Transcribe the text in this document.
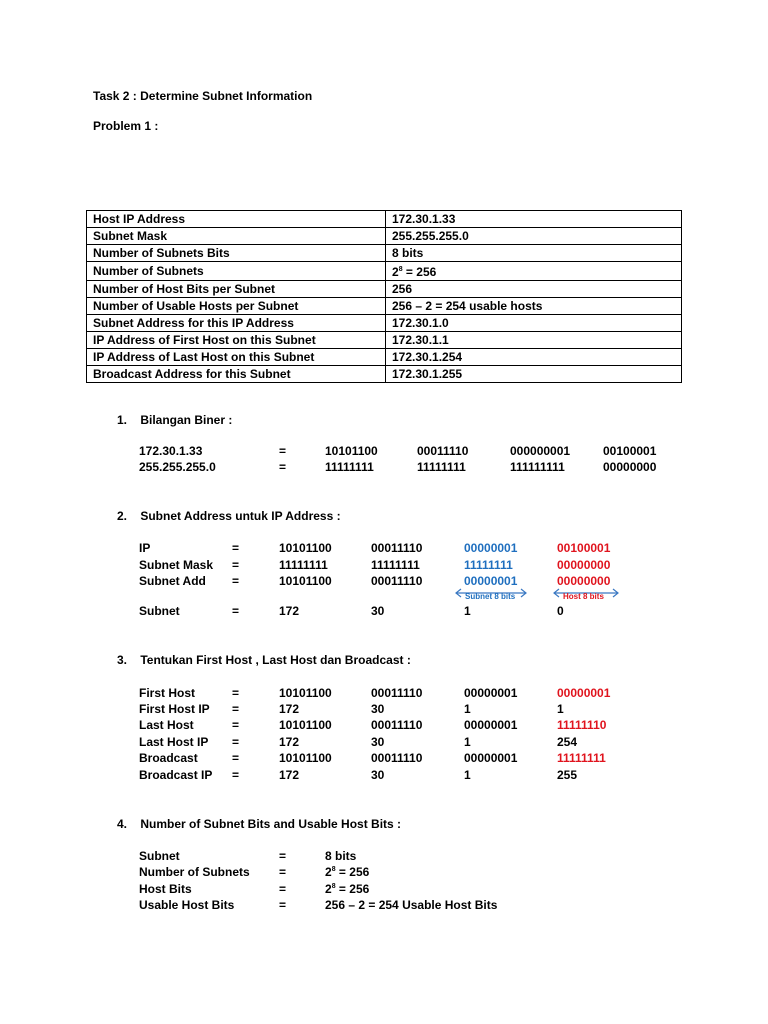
Task 2 : Determine Subnet Information
Problem 1 :
Host IP Address	172.30.1.33
Subnet Mask	255.255.255.0
Number of Subnets Bits	8 bits
Number of Subnets	$2^8 = 256$
Number of Host Bits per Subnet	256
Number of Usable Hosts per Subnet	256 – 2 = 254 usable hosts
Subnet Address for this IP Address	172.30.1.0
IP Address of First Host on this Subnet	172.30.1.1
IP Address of Last Host on this Subnet	172.30.1.254
Broadcast Address for this Subnet	172.30.1.255
1.    Bilangan Biner :
172.30.1.33	=	10101100	00011110	000000001	00100001
255.255.255.0	=	11111111	11111111	111111111	00000000
2.    Subnet Address untuk IP Address :
IP	=	10101100	00011110	00000001	00100001
Subnet Mask =	11111111	11111111	11111111	00000000
Subnet Add =	10101100	00011110	00000001	00000000
Subnet 8 bits	Host 8 bits
Subnet	=	172	30	1	0
3.    Tentukan First Host , Last Host dan Broadcast :
First Host	=	10101100	00011110	00000001	00000001
First Host IP =	172	30	1	1
Last Host	=	10101100	00011110	00000001	11111110
Last Host IP =	172	30	1	254
Broadcast	=	10101100	00011110	00000001	11111111
Broadcast IP =	172	30	1	255
4.    Number of Subnet Bits and Usable Host Bits :
Subnet	=	8 bits
Number of Subnets =	$2^8 = 256$
Host Bits	=	$2^8 = 256$
Usable Host Bits	=	256 – 2 = 254 Usable Host Bits
